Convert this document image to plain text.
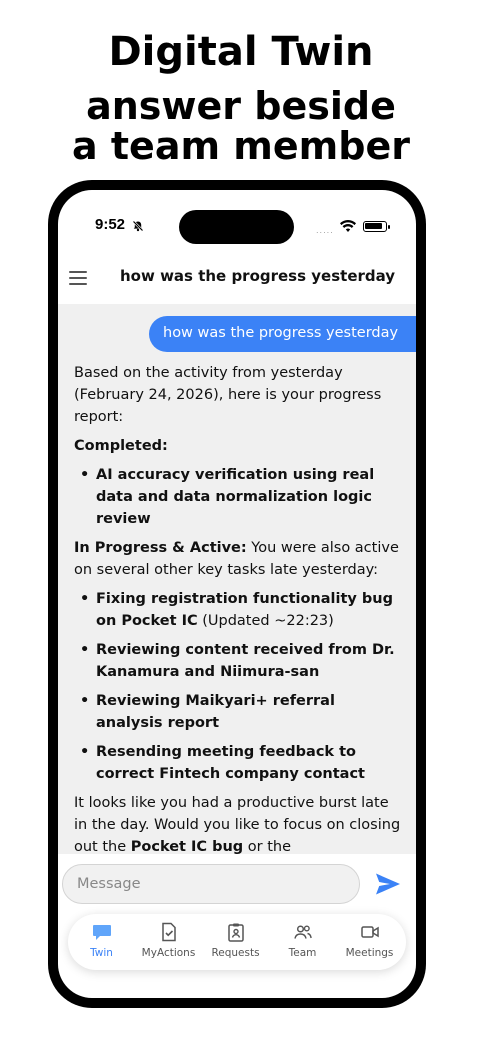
Digital Twin
answer beside
a team member
9:52	.....
how was the progress yesterday
how was the progress yesterday

Based on the activity from yesterday (February 24, 2026), here is your progress report:

Completed:

• AI accuracy verification using real data and data normalization logic review

In Progress & Active: You were also active on several other key tasks late yesterday:

• Fixing registration functionality bug on Pocket IC (Updated ~22:23)
• Reviewing content received from Dr. Kanamura and Niimura-san
• Reviewing Maikyari+ referral analysis report
• Resending meeting feedback to correct Fintech company contact

It looks like you had a productive burst late in the day. Would you like to focus on closing out the Pocket IC bug or the

Message
Twin	MyActions	Requests	Team	Meetings
